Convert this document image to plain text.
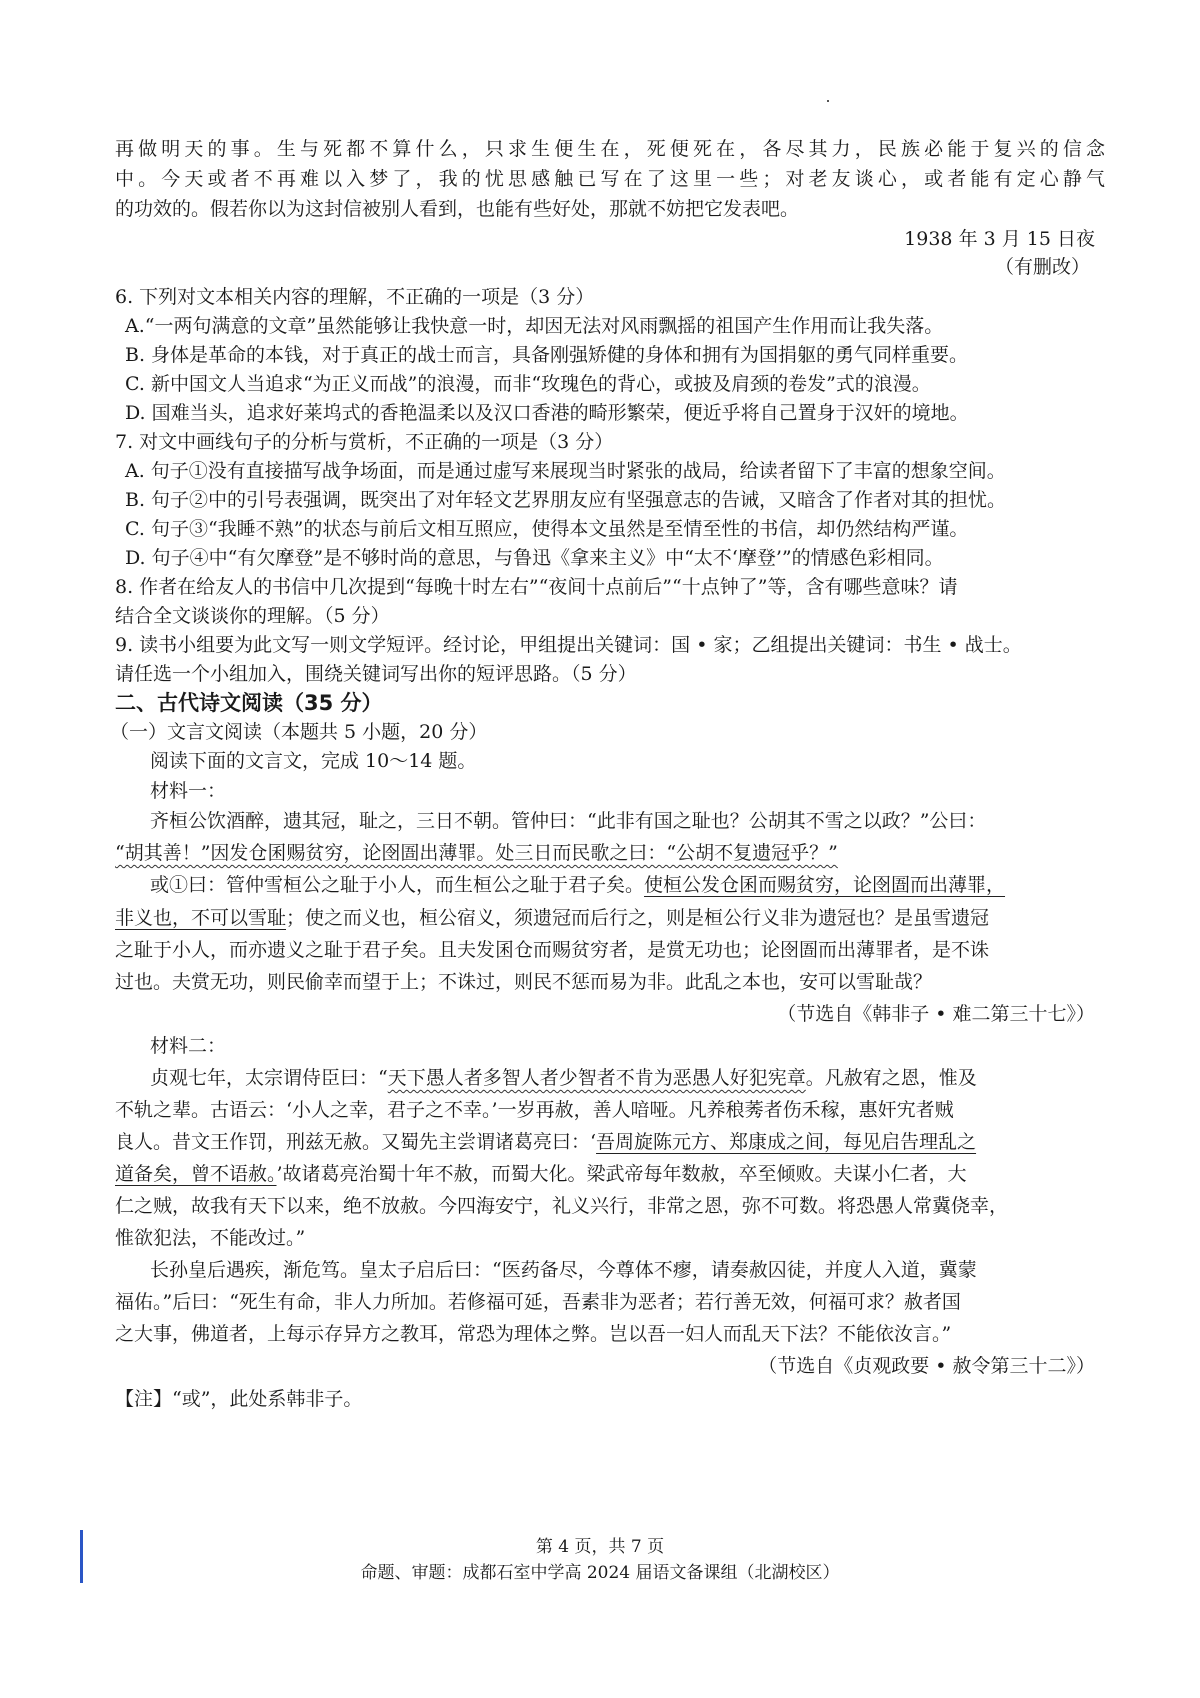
再做明天的事。生与死都不算什么，只求生便生在，死便死在，各尽其力，民族必能于复兴的信念
中。今天或者不再难以入梦了，我的忧思感触已写在了这里一些；对老友谈心，或者能有定心静气
的功效的。假若你以为这封信被别人看到，也能有些好处，那就不妨把它发表吧。
1938 年 3 月 15 日夜
（有删改）
6. 下列对文本相关内容的理解，不正确的一项是（3 分）
A.“一两句满意的文章”虽然能够让我快意一时，却因无法对风雨飘摇的祖国产生作用而让我失落。
B. 身体是革命的本钱，对于真正的战士而言，具备刚强矫健的身体和拥有为国捐躯的勇气同样重要。
C. 新中国文人当追求“为正义而战”的浪漫，而非“玫瑰色的背心，或披及肩颈的卷发”式的浪漫。
D. 国难当头，追求好莱坞式的香艳温柔以及汉口香港的畸形繁荣，便近乎将自己置身于汉奸的境地。
7. 对文中画线句子的分析与赏析，不正确的一项是（3 分）
A. 句子①没有直接描写战争场面，而是通过虚写来展现当时紧张的战局，给读者留下了丰富的想象空间。
B. 句子②中的引号表强调，既突出了对年轻文艺界朋友应有坚强意志的告诫，又暗含了作者对其的担忧。
C. 句子③“我睡不熟”的状态与前后文相互照应，使得本文虽然是至情至性的书信，却仍然结构严谨。
D. 句子④中“有欠摩登”是不够时尚的意思，与鲁迅《拿来主义》中“太不‘摩登’”的情感色彩相同。
8. 作者在给友人的书信中几次提到“每晚十时左右”“夜间十点前后”“十点钟了”等，含有哪些意味？请
结合全文谈谈你的理解。（5 分）
9. 读书小组要为此文写一则文学短评。经讨论，甲组提出关键词：国 • 家；乙组提出关键词：书生 • 战士。
请任选一个小组加入，围绕关键词写出你的短评思路。（5 分）
二、古代诗文阅读（35 分）
（一）文言文阅读（本题共 5 小题，20 分）
阅读下面的文言文，完成 10～14 题。
材料一：
齐桓公饮酒醉，遗其冠，耻之，三日不朝。管仲曰：“此非有国之耻也？公胡其不雪之以政？”公曰：
“胡其善！”因发仓囷赐贫穷，论囹圄出薄罪。处三日而民歌之曰：“公胡不复遗冠乎？”
或①曰：管仲雪桓公之耻于小人，而生桓公之耻于君子矣。使桓公发仓囷而赐贫穷，论囹圄而出薄罪，
非义也，不可以雪耻；使之而义也，桓公宿义，须遗冠而后行之，则是桓公行义非为遗冠也？是虽雪遗冠
之耻于小人，而亦遗义之耻于君子矣。且夫发囷仓而赐贫穷者，是赏无功也；论囹圄而出薄罪者，是不诛
过也。夫赏无功，则民偷幸而望于上；不诛过，则民不惩而易为非。此乱之本也，安可以雪耻哉？
（节选自《韩非子 • 难二第三十七》）
材料二：
贞观七年，太宗谓侍臣曰：“天下愚人者多智人者少智者不肯为恶愚人好犯宪章。凡赦宥之恩，惟及
不轨之辈。古语云：‘小人之幸，君子之不幸。’一岁再赦，善人喑哑。凡养稂莠者伤禾稼，惠奸宄者贼
良人。昔文王作罚，刑兹无赦。又蜀先主尝谓诸葛亮曰：‘吾周旋陈元方、郑康成之间，每见启告理乱之
道备矣，曾不语赦。’故诸葛亮治蜀十年不赦，而蜀大化。梁武帝每年数赦，卒至倾败。夫谋小仁者，大
仁之贼，故我有天下以来，绝不放赦。今四海安宁，礼义兴行，非常之恩，弥不可数。将恐愚人常冀侥幸，
惟欲犯法，不能改过。”
长孙皇后遇疾，渐危笃。皇太子启后曰：“医药备尽，今尊体不瘳，请奏赦囚徒，并度人入道，冀蒙
福佑。”后曰：“死生有命，非人力所加。若修福可延，吾素非为恶者；若行善无效，何福可求？赦者国
之大事，佛道者，上每示存异方之教耳，常恐为理体之弊。岂以吾一妇人而乱天下法？不能依汝言。”
（节选自《贞观政要 • 赦令第三十二》）
【注】“或”，此处系韩非子。
第 4 页，共 7 页
命题、审题：成都石室中学高 2024 届语文备课组（北湖校区）
